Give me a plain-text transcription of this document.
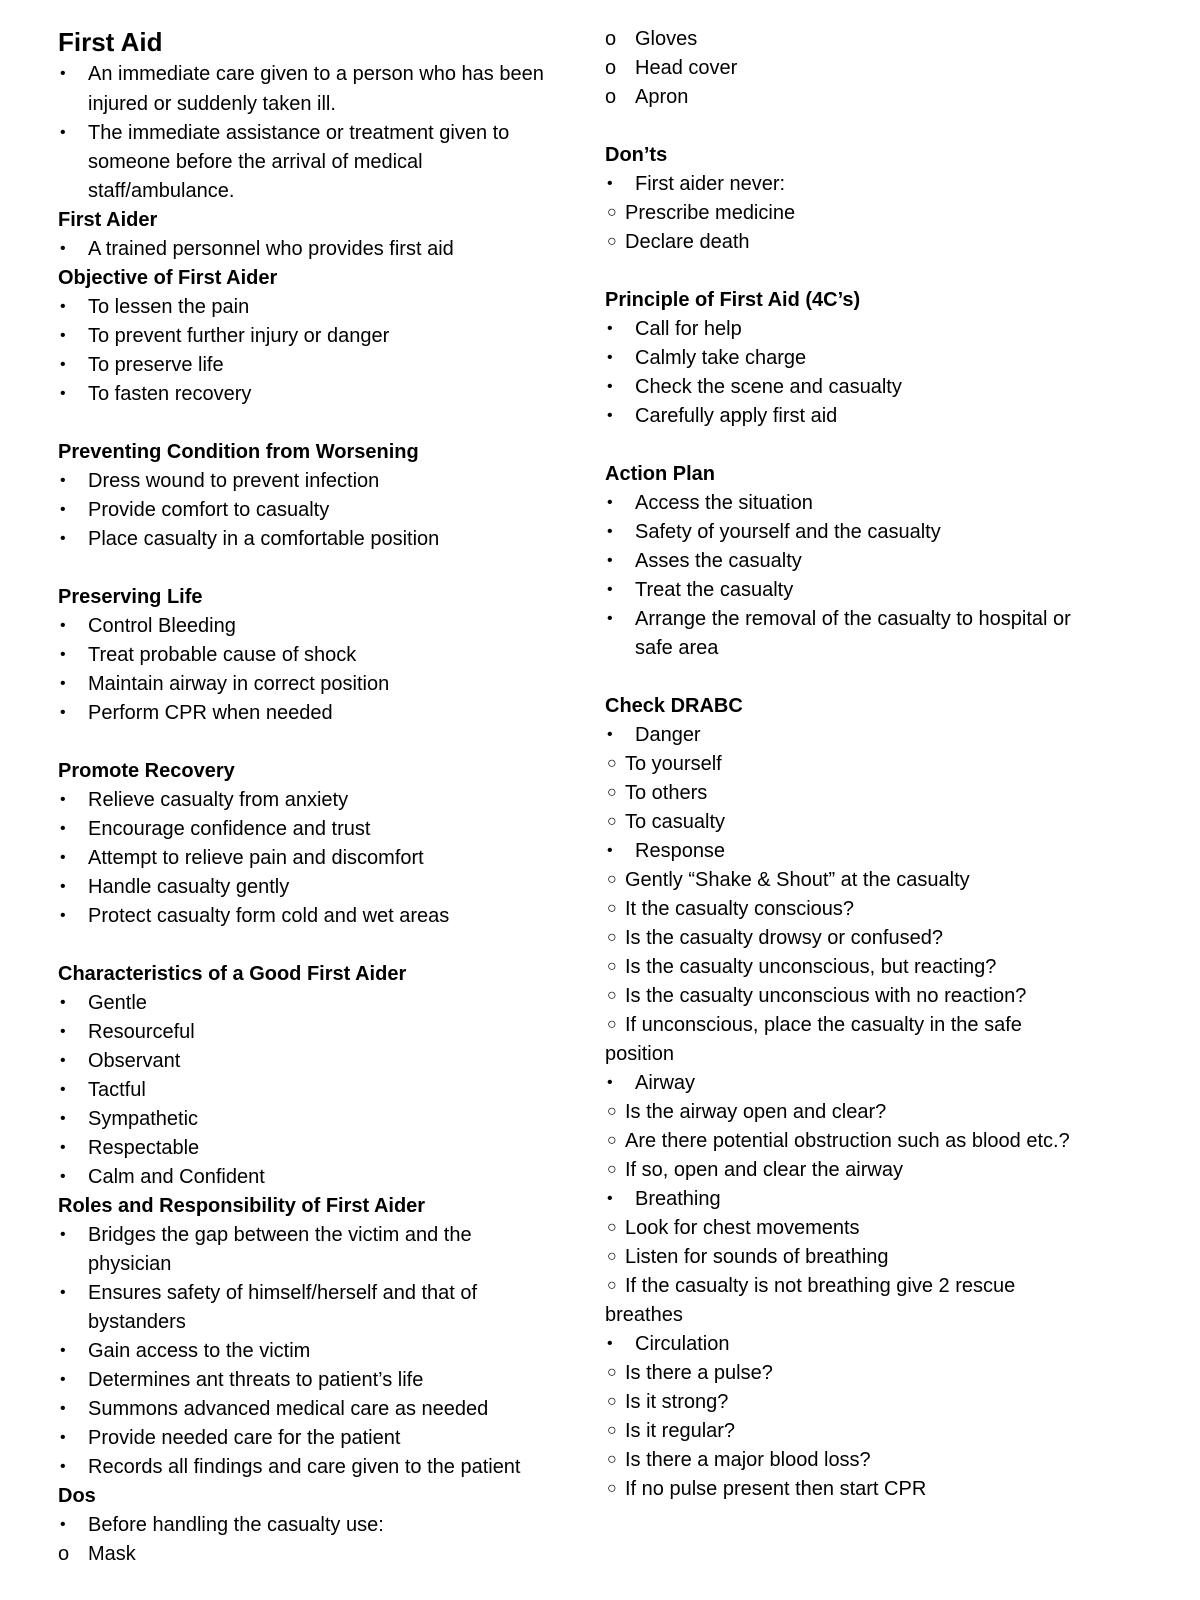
First Aid
• An immediate care given to a person who has been
injured or suddenly taken ill.
• The immediate assistance or treatment given to
someone before the arrival of medical
staff/ambulance.
First Aider
• A trained personnel who provides first aid
Objective of First Aider
• To lessen the pain
• To prevent further injury or danger
• To preserve life
• To fasten recovery
Preventing Condition from Worsening
• Dress wound to prevent infection
• Provide comfort to casualty
• Place casualty in a comfortable position
Preserving Life
• Control Bleeding
• Treat probable cause of shock
• Maintain airway in correct position
• Perform CPR when needed
Promote Recovery
• Relieve casualty from anxiety
• Encourage confidence and trust
• Attempt to relieve pain and discomfort
• Handle casualty gently
• Protect casualty form cold and wet areas
Characteristics of a Good First Aider
• Gentle
• Resourceful
• Observant
• Tactful
• Sympathetic
• Respectable
• Calm and Confident
Roles and Responsibility of First Aider
• Bridges the gap between the victim and the
physician
• Ensures safety of himself/herself and that of
bystanders
• Gain access to the victim
• Determines ant threats to patient’s life
• Summons advanced medical care as needed
• Provide needed care for the patient
• Records all findings and care given to the patient
Dos
• Before handling the casualty use:
o Mask
o Gloves
o Head cover
o Apron
Don’ts
• First aider never:
○ Prescribe medicine
○ Declare death
Principle of First Aid (4C’s)
• Call for help
• Calmly take charge
• Check the scene and casualty
• Carefully apply first aid
Action Plan
• Access the situation
• Safety of yourself and the casualty
• Asses the casualty
• Treat the casualty
• Arrange the removal of the casualty to hospital or
safe area
Check DRABC
• Danger
○ To yourself
○ To others
○ To casualty
• Response
○ Gently “Shake & Shout” at the casualty
○ It the casualty conscious?
○ Is the casualty drowsy or confused?
○ Is the casualty unconscious, but reacting?
○ Is the casualty unconscious with no reaction?
○ If unconscious, place the casualty in the safe
position
• Airway
○ Is the airway open and clear?
○ Are there potential obstruction such as blood etc.?
○ If so, open and clear the airway
• Breathing
○ Look for chest movements
○ Listen for sounds of breathing
○ If the casualty is not breathing give 2 rescue
breathes
• Circulation
○ Is there a pulse?
○ Is it strong?
○ Is it regular?
○ Is there a major blood loss?
○ If no pulse present then start CPR
